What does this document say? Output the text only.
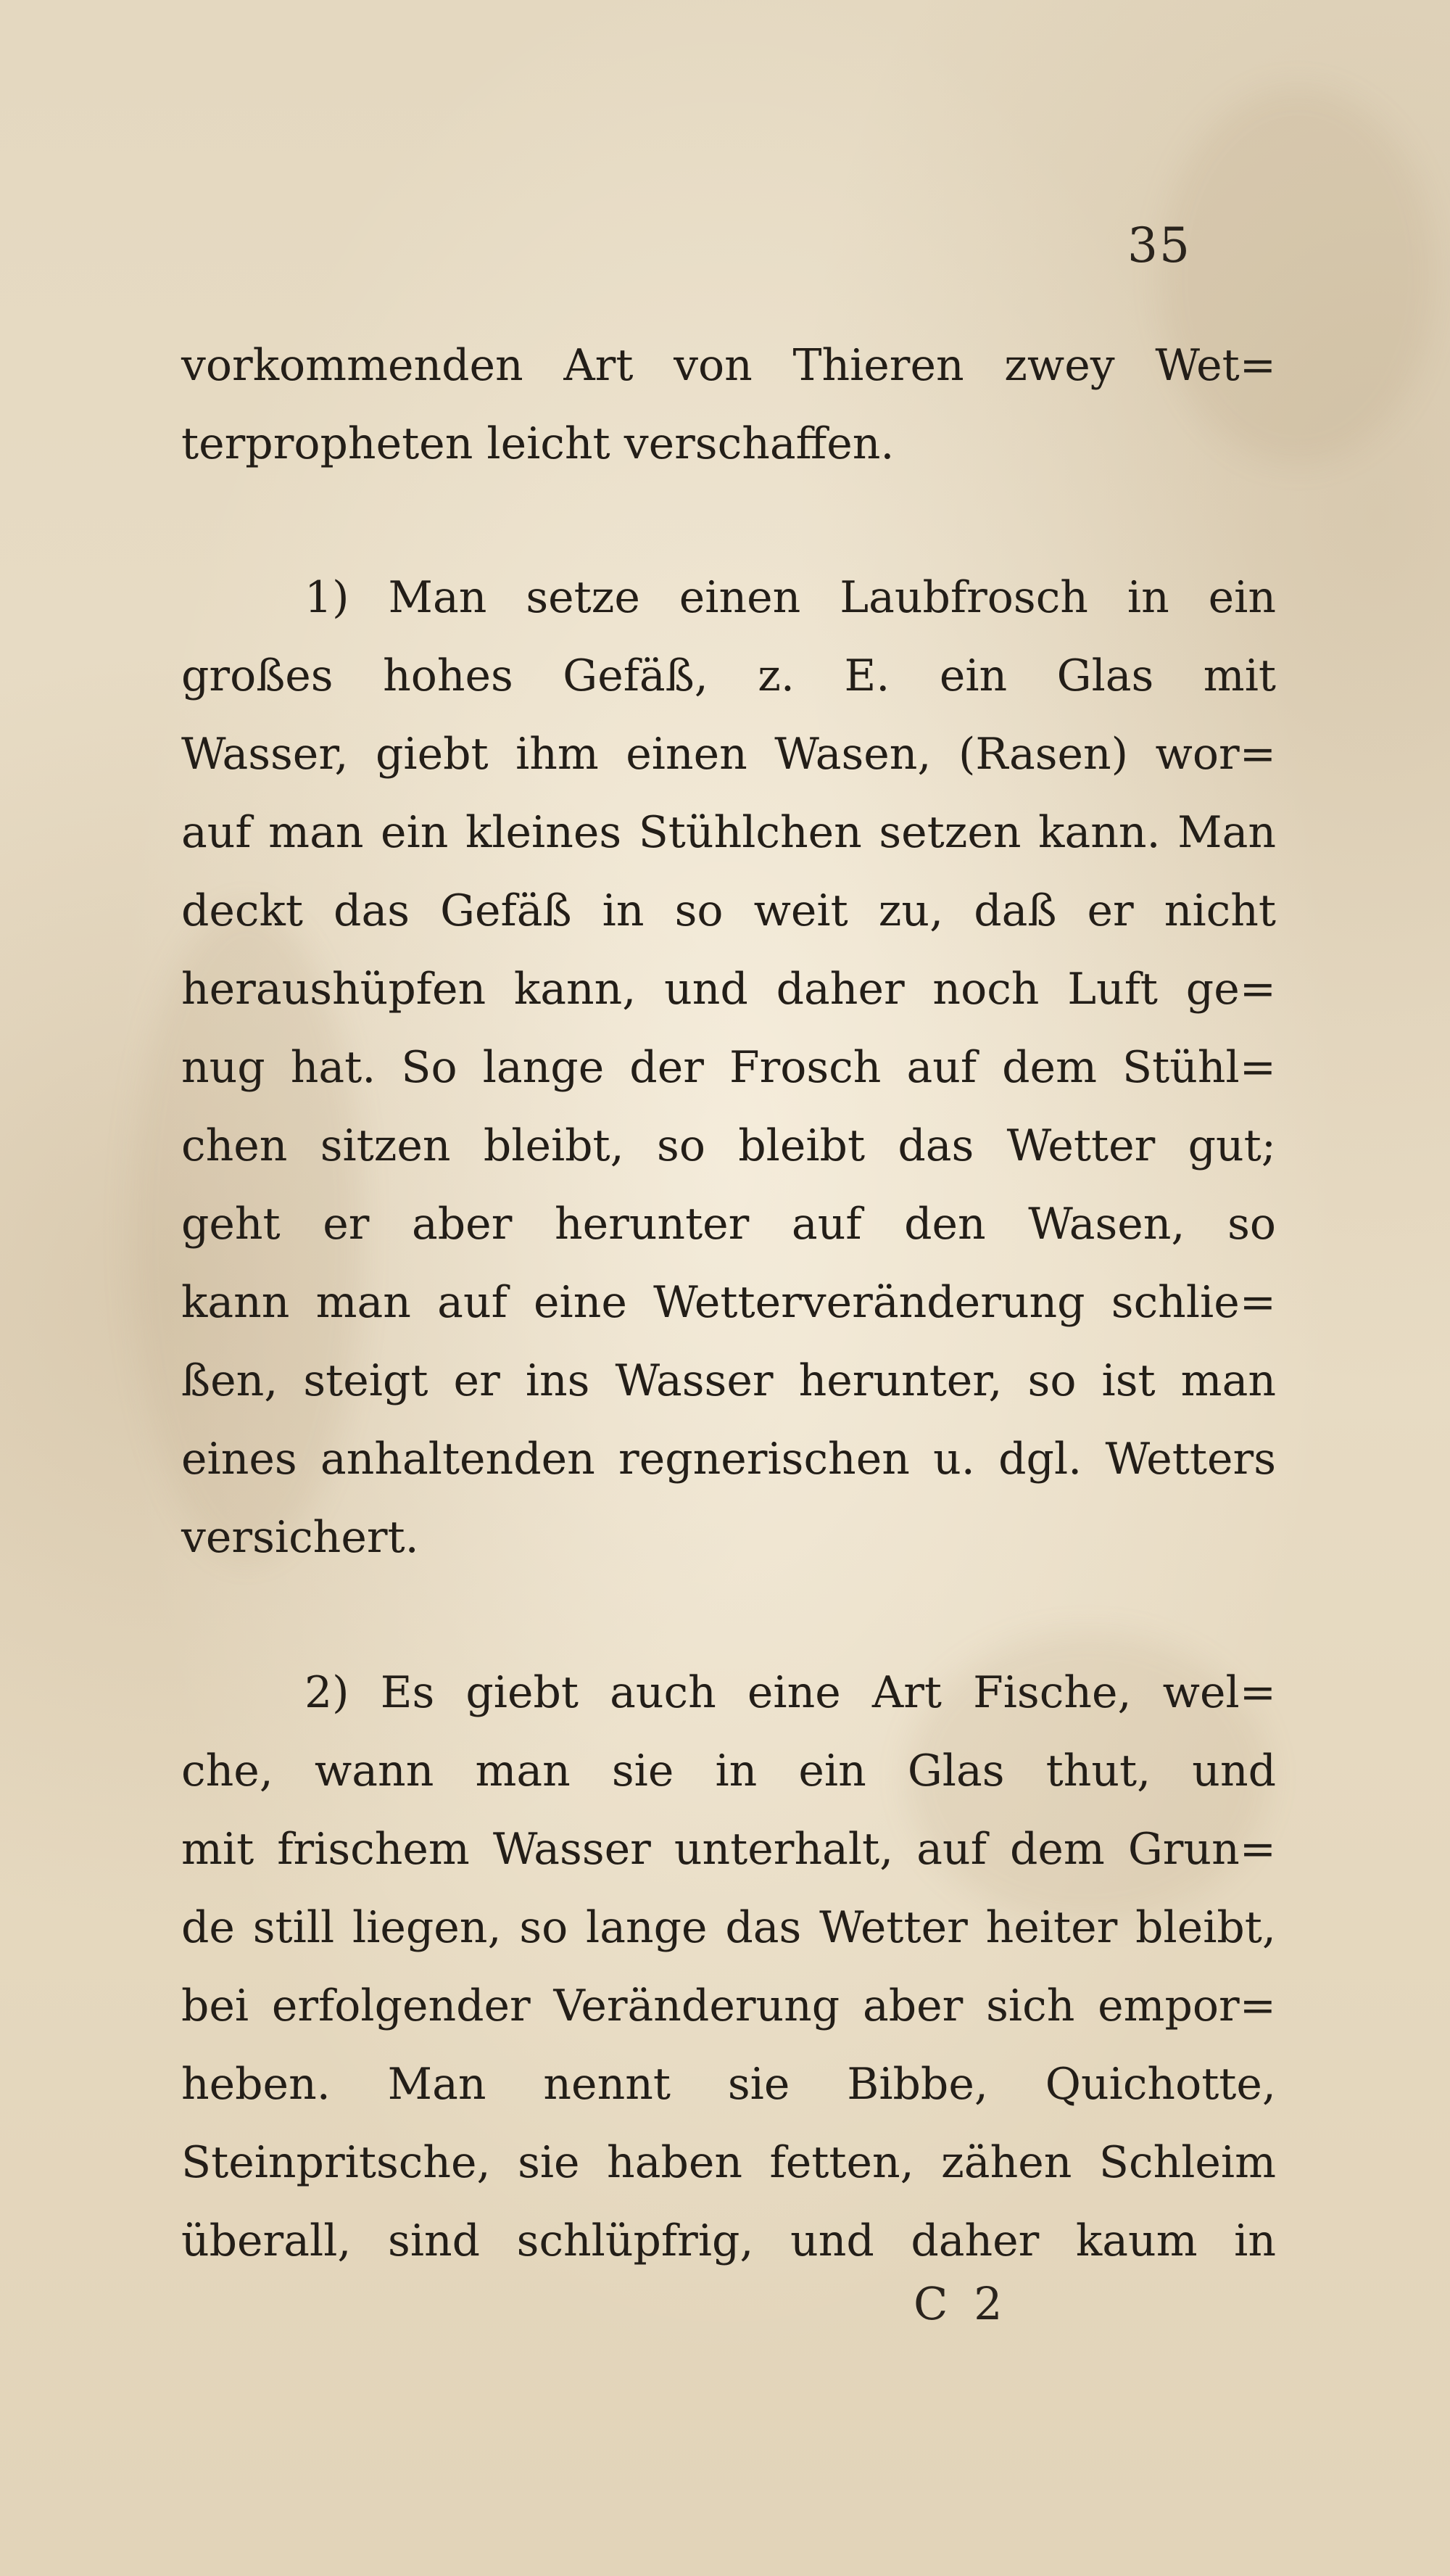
35
vorkommenden Art von Thieren zwey Wet=
terpropheten leicht verschaffen.
1) Man setze einen Laubfrosch in ein
großes hohes Gefäß, z. E. ein Glas mit
Wasser, giebt ihm einen Wasen, (Rasen) wor=
auf man ein kleines Stühlchen setzen kann. Man
deckt das Gefäß in so weit zu, daß er nicht
heraushüpfen kann, und daher noch Luft ge=
nug hat. So lange der Frosch auf dem Stühl=
chen sitzen bleibt, so bleibt das Wetter gut;
geht er aber herunter auf den Wasen, so
kann man auf eine Wetterveränderung schlie=
ßen, steigt er ins Wasser herunter, so ist man
eines anhaltenden regnerischen u. dgl. Wetters
versichert.
2) Es giebt auch eine Art Fische, wel=
che, wann man sie in ein Glas thut, und
mit frischem Wasser unterhalt, auf dem Grun=
de still liegen, so lange das Wetter heiter bleibt,
bei erfolgender Veränderung aber sich empor=
heben. Man nennt sie Bibbe, Quichotte,
Steinpritsche, sie haben fetten, zähen Schleim
überall, sind schlüpfrig, und daher kaum in
C 2
